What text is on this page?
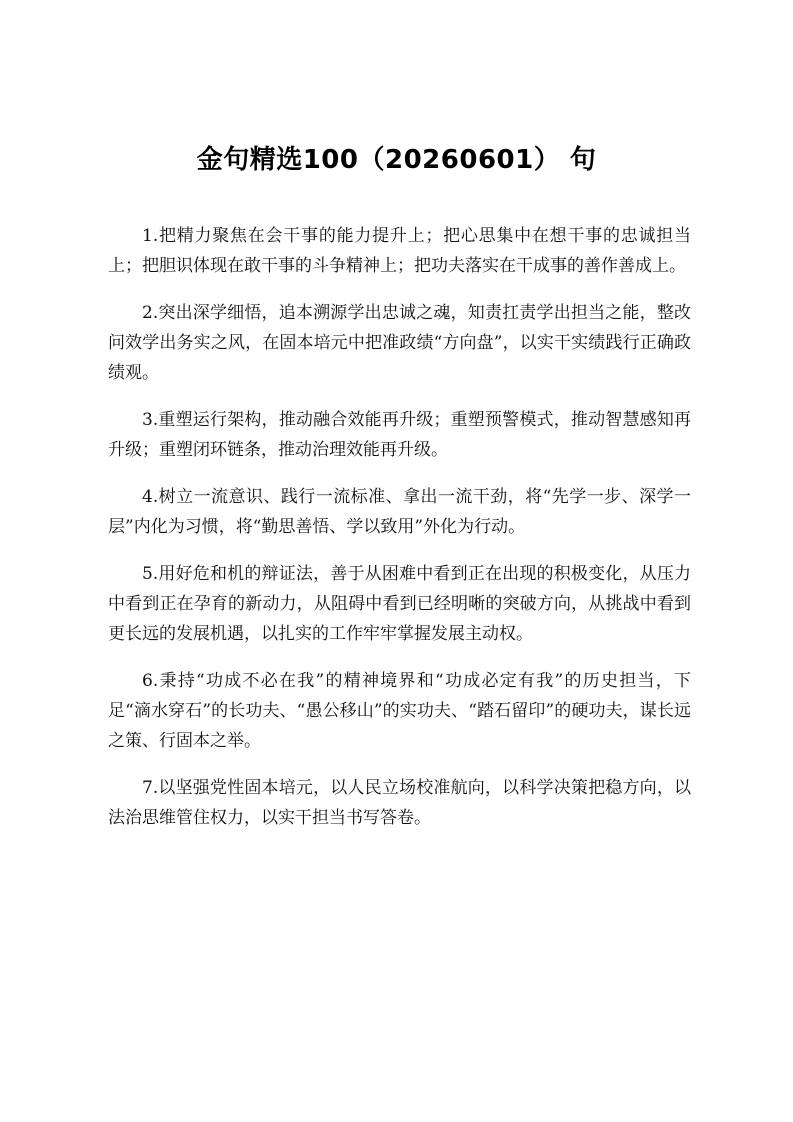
金句精选100（20260601） 句

1.把精力聚焦在会干事的能力提升上；把心思集中在想干事的忠诚担当上；把胆识体现在敢干事的斗争精神上；把功夫落实在干成事的善作善成上。

2.突出深学细悟，追本溯源学出忠诚之魂，知责扛责学出担当之能，整改问效学出务实之风，在固本培元中把准政绩“方向盘”，以实干实绩践行正确政绩观。

3.重塑运行架构，推动融合效能再升级；重塑预警模式，推动智慧感知再升级；重塑闭环链条，推动治理效能再升级。

4.树立一流意识、践行一流标准、拿出一流干劲，将“先学一步、深学一层”内化为习惯，将“勤思善悟、学以致用”外化为行动。

5.用好危和机的辩证法，善于从困难中看到正在出现的积极变化，从压力中看到正在孕育的新动力，从阻碍中看到已经明晰的突破方向，从挑战中看到更长远的发展机遇，以扎实的工作牢牢掌握发展主动权。

6.秉持“功成不必在我”的精神境界和“功成必定有我”的历史担当，下足“滴水穿石”的长功夫、“愚公移山”的实功夫、“踏石留印”的硬功夫，谋长远之策、行固本之举。

7.以坚强党性固本培元，以人民立场校准航向，以科学决策把稳方向，以法治思维管住权力，以实干担当书写答卷。
